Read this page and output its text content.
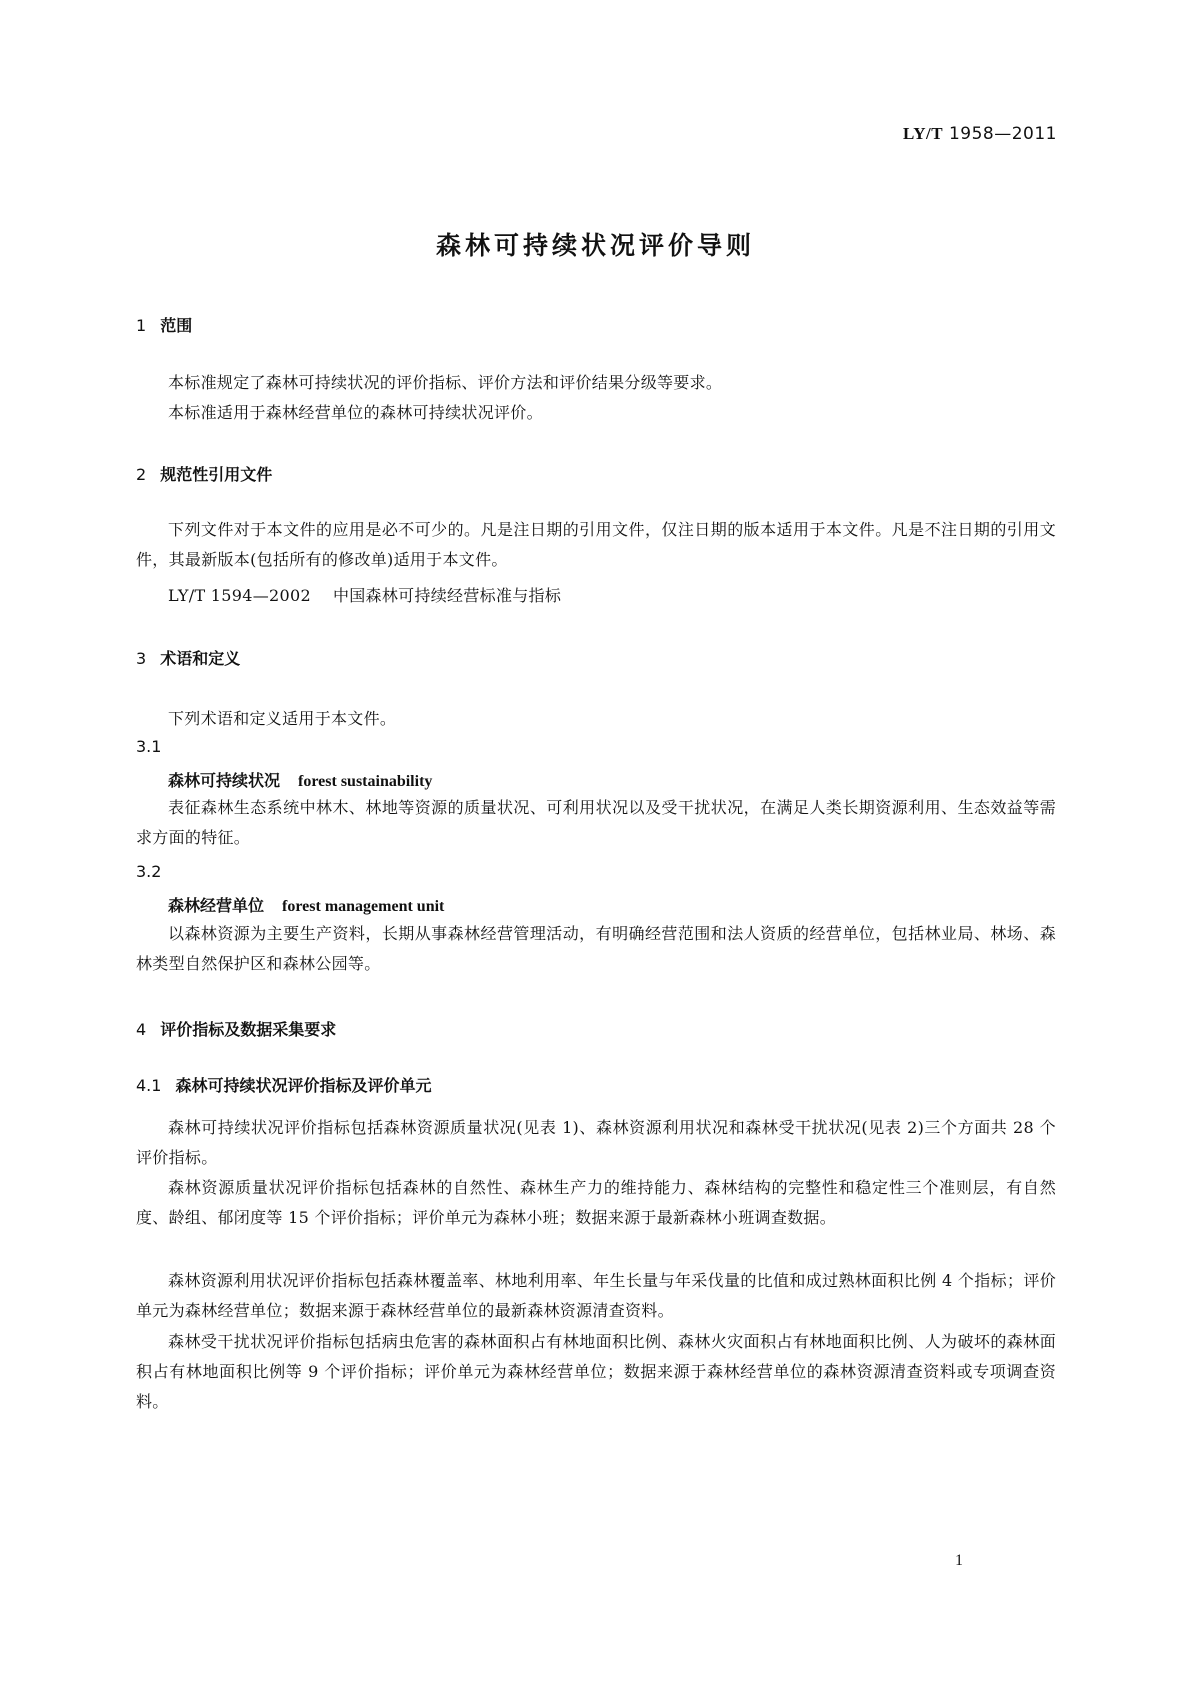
LY/T 1958—2011
森林可持续状况评价导则
1 范围
本标准规定了森林可持续状况的评价指标、评价方法和评价结果分级等要求。
本标准适用于森林经营单位的森林可持续状况评价。
2 规范性引用文件
下列文件对于本文件的应用是必不可少的。凡是注日期的引用文件，仅注日期的版本适用于本文件。凡是不注日期的引用文件，其最新版本(包括所有的修改单)适用于本文件。
LY/T 1594—2002 中国森林可持续经营标准与指标
3 术语和定义
下列术语和定义适用于本文件。
3.1
森林可持续状况 forest sustainability
表征森林生态系统中林木、林地等资源的质量状况、可利用状况以及受干扰状况，在满足人类长期资源利用、生态效益等需求方面的特征。
3.2
森林经营单位 forest management unit
以森林资源为主要生产资料，长期从事森林经营管理活动，有明确经营范围和法人资质的经营单位，包括林业局、林场、森林类型自然保护区和森林公园等。
4 评价指标及数据采集要求
4.1 森林可持续状况评价指标及评价单元
森林可持续状况评价指标包括森林资源质量状况(见表 1)、森林资源利用状况和森林受干扰状况(见表 2)三个方面共 28 个评价指标。
森林资源质量状况评价指标包括森林的自然性、森林生产力的维持能力、森林结构的完整性和稳定性三个准则层，有自然度、龄组、郁闭度等 15 个评价指标；评价单元为森林小班；数据来源于最新森林小班调查数据。
森林资源利用状况评价指标包括森林覆盖率、林地利用率、年生长量与年采伐量的比值和成过熟林面积比例 4 个指标；评价单元为森林经营单位；数据来源于森林经营单位的最新森林资源清查资料。
森林受干扰状况评价指标包括病虫危害的森林面积占有林地面积比例、森林火灾面积占有林地面积比例、人为破坏的森林面积占有林地面积比例等 9 个评价指标；评价单元为森林经营单位；数据来源于森林经营单位的森林资源清查资料或专项调查资料。
1
